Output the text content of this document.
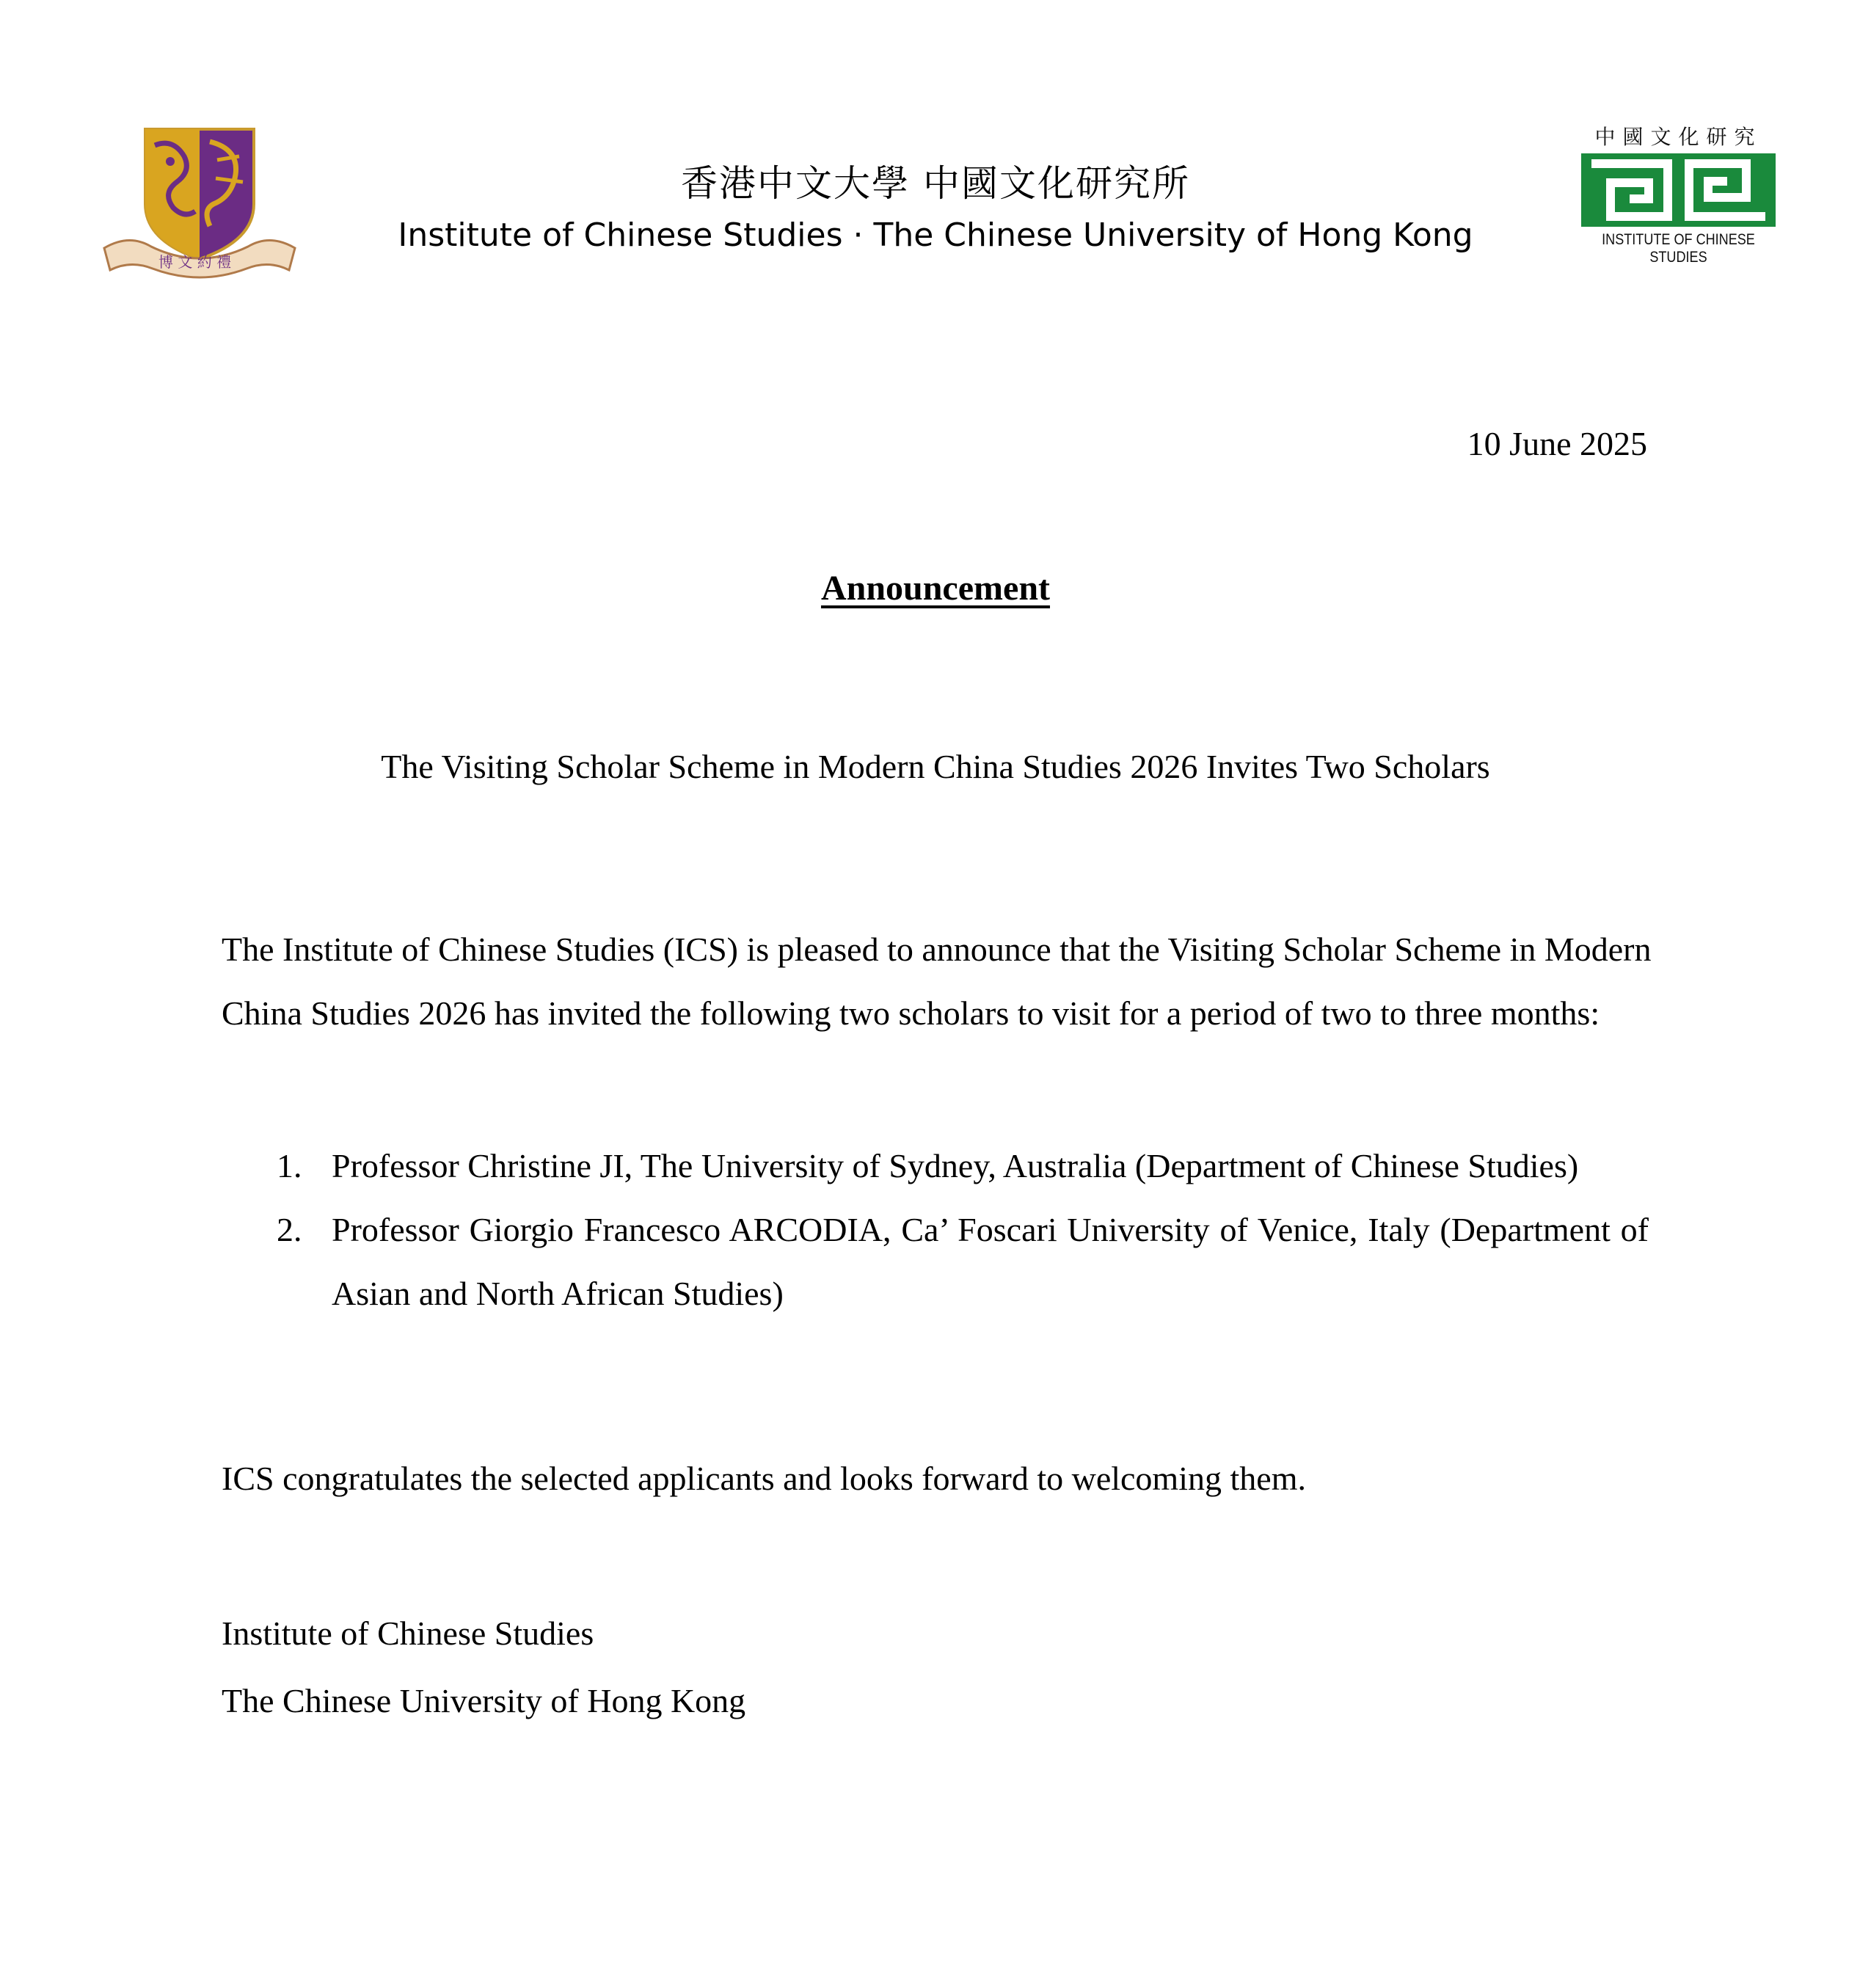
博 文 約 禮
香港中文大學 中國文化研究所
Institute of Chinese Studies · The Chinese University of Hong Kong
中國文化研究
INSTITUTE OF CHINESE STUDIES
10 June 2025
Announcement
The Visiting Scholar Scheme in Modern China Studies 2026 Invites Two Scholars
The Institute of Chinese Studies (ICS) is pleased to announce that the Visiting Scholar Scheme in Modern China Studies 2026 has invited the following two scholars to visit for a period of two to three months:
1. Professor Christine JI, The University of Sydney, Australia (Department of Chinese Studies)
2. Professor Giorgio Francesco ARCODIA, Ca’ Foscari University of Venice, Italy (Department of Asian and North African Studies)
ICS congratulates the selected applicants and looks forward to welcoming them.
Institute of Chinese Studies
The Chinese University of Hong Kong
